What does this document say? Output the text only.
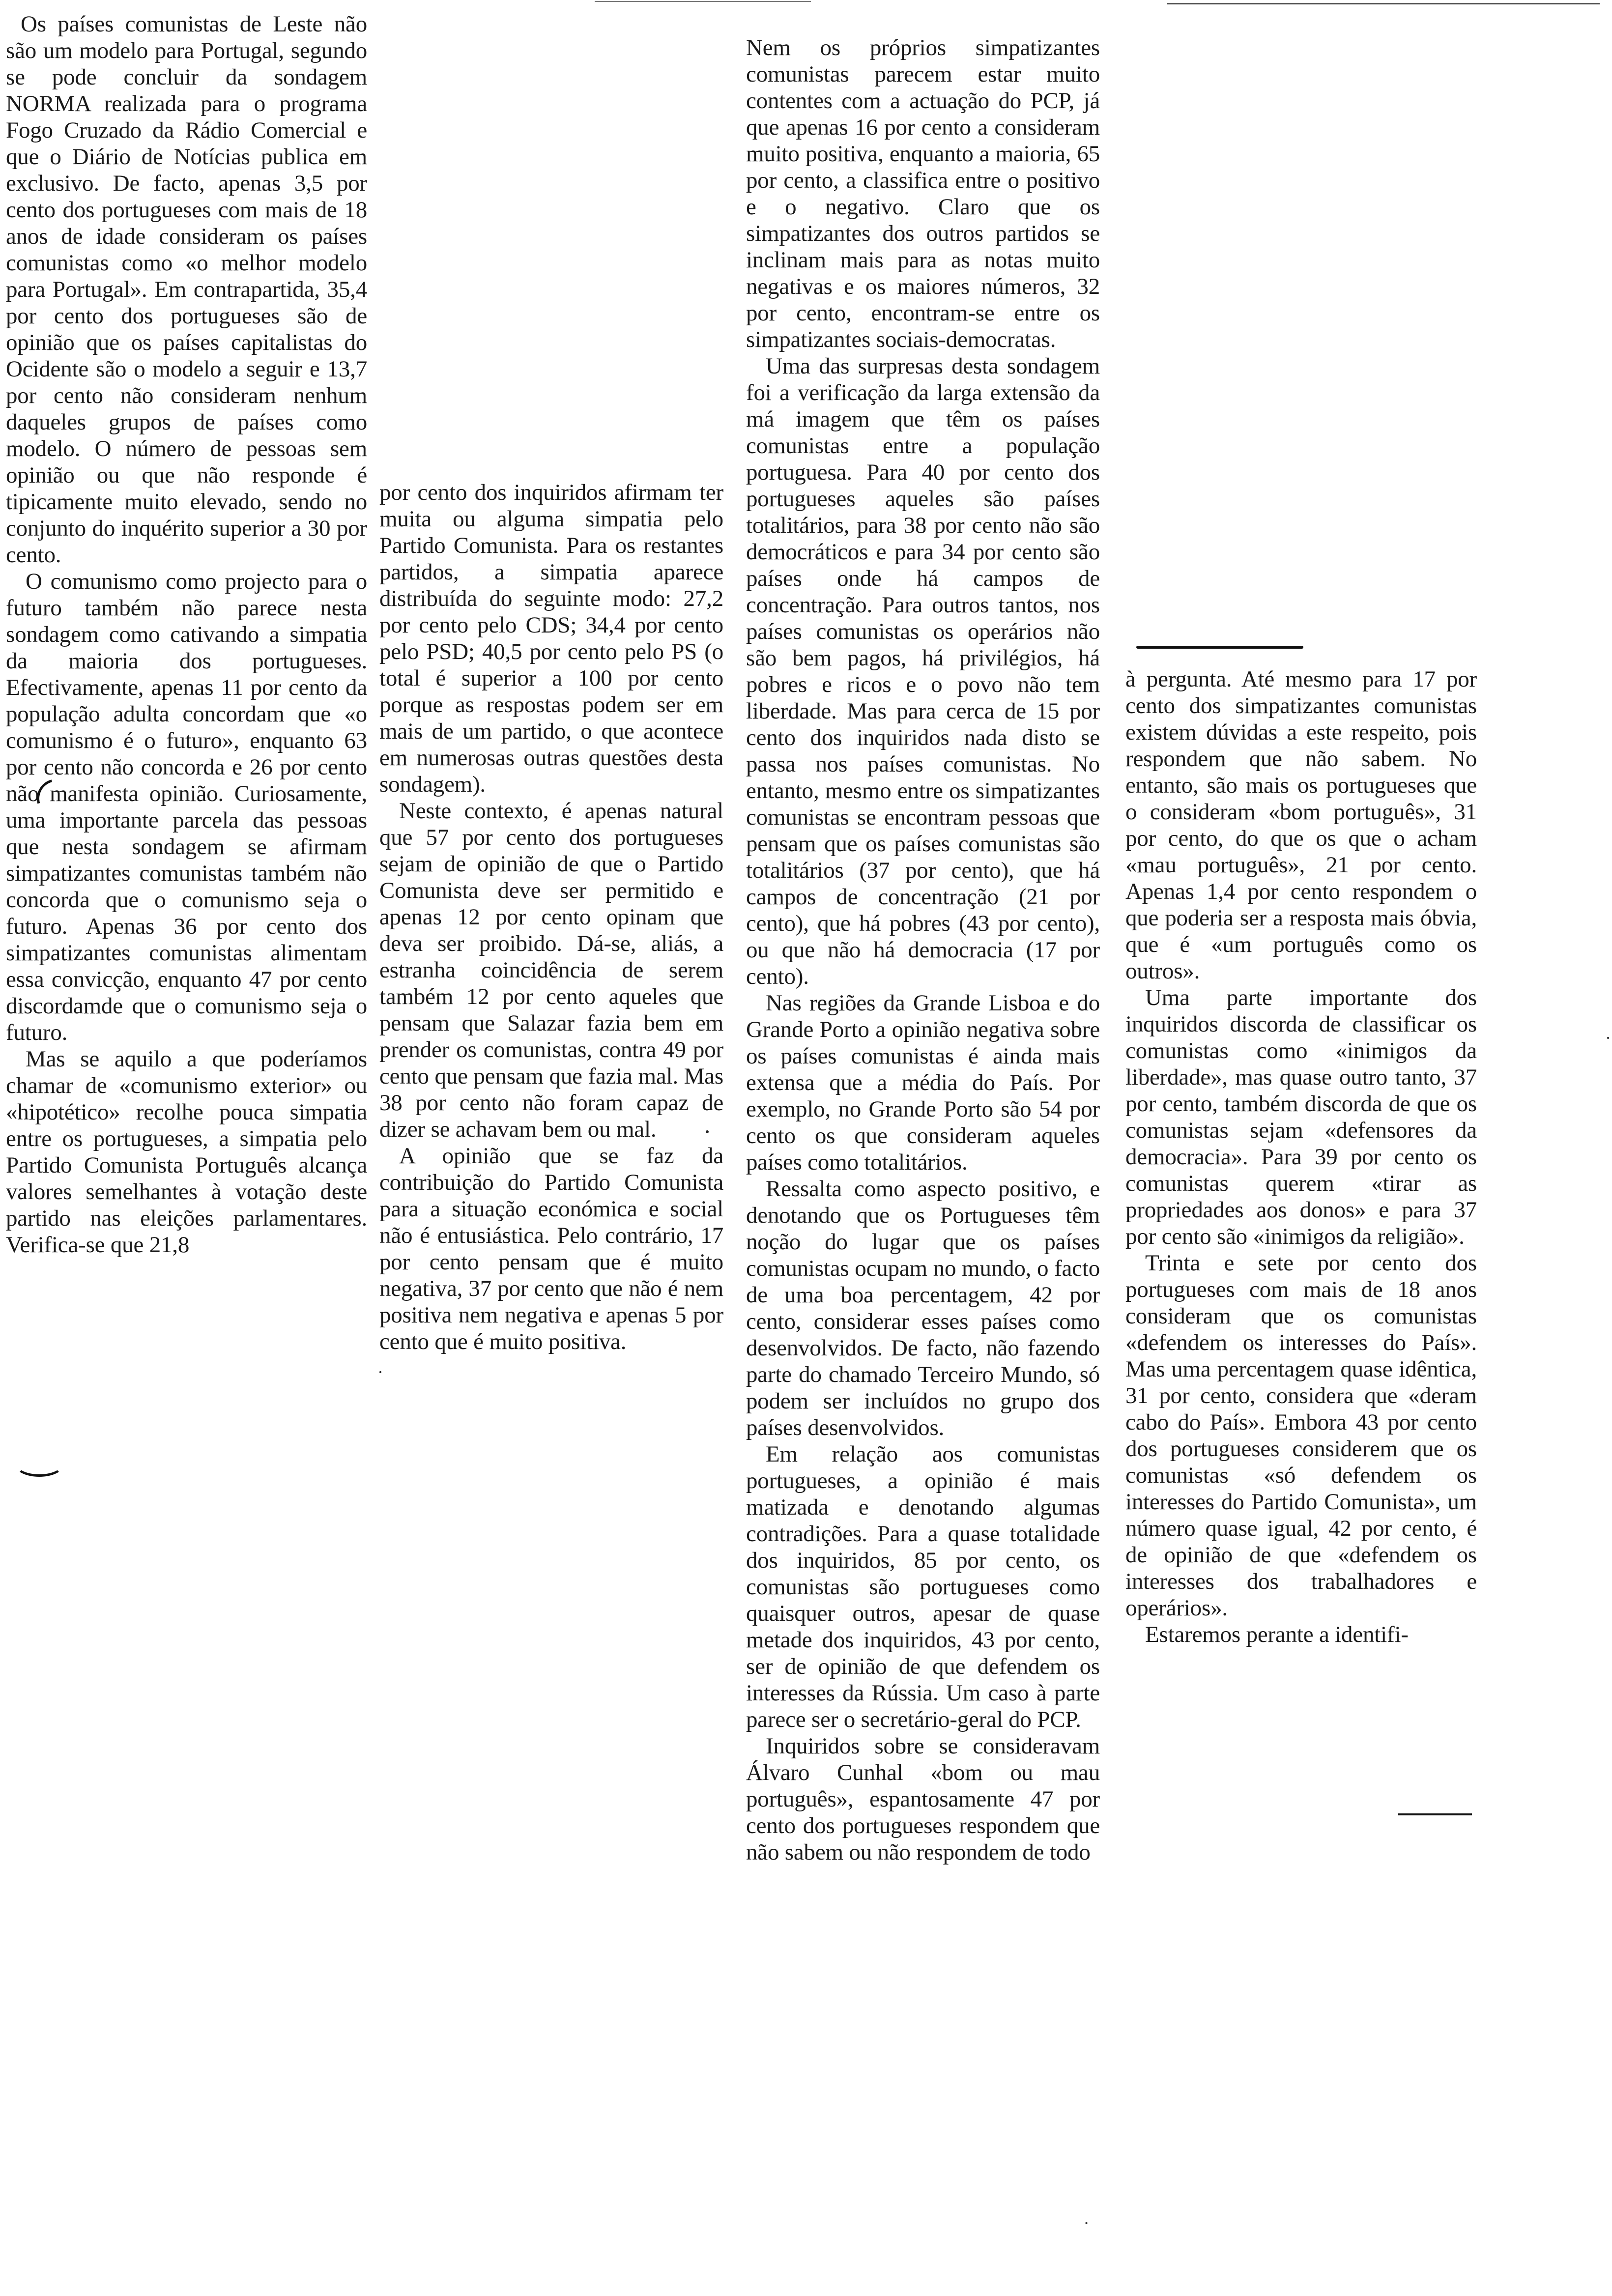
Os países comunistas de Leste não são um modelo para Portugal, segundo se pode concluir da sondagem NORMA realizada para o programa Fogo Cruzado da Rádio Comercial e que o Diário de Notícias publica em exclusivo. De facto, apenas 3,5 por cento dos portugueses com mais de 18 anos de idade consideram os países comunistas como «o melhor modelo para Portugal». Em contrapartida, 35,4 por cento dos portugueses são de opinião que os países capitalistas do Ocidente são o modelo a seguir e 13,7 por cento não consideram nenhum daqueles grupos de países como modelo. O número de pessoas sem opinião ou que não responde é tipicamente muito elevado, sendo no conjunto do inquérito superior a 30 por cento.

O comunismo como projecto para o futuro também não parece nesta sondagem como cativando a simpatia da maioria dos portugueses. Efectivamente, apenas 11 por cento da população adulta concordam que «o comunismo é o futuro», enquanto 63 por cento não concorda e 26 por cento não manifesta opinião. Curiosamente, uma importante parcela das pessoas que nesta sondagem se afirmam simpatizantes comunistas também não concorda que o comunismo seja o futuro. Apenas 36 por cento dos simpatizantes comunistas alimentam essa convicção, enquanto 47 por cento discordamde que o comunismo seja o futuro.

Mas se aquilo a que poderíamos chamar de «comunismo exterior» ou «hipotético» recolhe pouca simpatia entre os portugueses, a simpatia pelo Partido Comunista Português alcança valores semelhantes à votação deste partido nas eleições parlamentares. Verifica-se que 21,8

por cento dos inquiridos afirmam ter muita ou alguma simpatia pelo Partido Comunista. Para os restantes partidos, a simpatia aparece distribuída do seguinte modo: 27,2 por cento pelo CDS; 34,4 por cento pelo PSD; 40,5 por cento pelo PS (o total é superior a 100 por cento porque as respostas podem ser em mais de um partido, o que acontece em numerosas outras questões desta sondagem).

Neste contexto, é apenas natural que 57 por cento dos portugueses sejam de opinião de que o Partido Comunista deve ser permitido e apenas 12 por cento opinam que deva ser proibido. Dá-se, aliás, a estranha coincidência de serem também 12 por cento aqueles que pensam que Salazar fazia bem em prender os comunistas, contra 49 por cento que pensam que fazia mal. Mas 38 por cento não foram capaz de dizer se achavam bem ou mal.

A opinião que se faz da contribuição do Partido Comunista para a situação económica e social não é entusiástica. Pelo contrário, 17 por cento pensam que é muito negativa, 37 por cento que não é nem positiva nem negativa e apenas 5 por cento que é muito positiva.

Nem os próprios simpatizantes comunistas parecem estar muito contentes com a actuação do PCP, já que apenas 16 por cento a consideram muito positiva, enquanto a maioria, 65 por cento, a classifica entre o positivo e o negativo. Claro que os simpatizantes dos outros partidos se inclinam mais para as notas muito negativas e os maiores números, 32 por cento, encontram-se entre os simpatizantes sociais-democratas.

Uma das surpresas desta sondagem foi a verificação da larga extensão da má imagem que têm os países comunistas entre a população portuguesa. Para 40 por cento dos portugueses aqueles são países totalitários, para 38 por cento não são democráticos e para 34 por cento são países onde há campos de concentração. Para outros tantos, nos países comunistas os operários não são bem pagos, há privilégios, há pobres e ricos e o povo não tem liberdade. Mas para cerca de 15 por cento dos inquiridos nada disto se passa nos países comunistas. No entanto, mesmo entre os simpatizantes comunistas se encontram pessoas que pensam que os países comunistas são totalitários (37 por cento), que há campos de concentração (21 por cento), que há pobres (43 por cento), ou que não há democracia (17 por cento).

Nas regiões da Grande Lisboa e do Grande Porto a opinião negativa sobre os países comunistas é ainda mais extensa que a média do País. Por exemplo, no Grande Porto são 54 por cento os que consideram aqueles países como totalitários.

Ressalta como aspecto positivo, e denotando que os Portugueses têm noção do lugar que os países comunistas ocupam no mundo, o facto de uma boa percentagem, 42 por cento, considerar esses países como desenvolvidos. De facto, não fazendo parte do chamado Terceiro Mundo, só podem ser incluídos no grupo dos países desenvolvidos.

Em relação aos comunistas portugueses, a opinião é mais matizada e denotando algumas contradições. Para a quase totalidade dos inquiridos, 85 por cento, os comunistas são portugueses como quaisquer outros, apesar de quase metade dos inquiridos, 43 por cento, ser de opinião de que defendem os interesses da Rússia. Um caso à parte parece ser o secretário-geral do PCP.

Inquiridos sobre se consideravam Álvaro Cunhal «bom ou mau português», espantosamente 47 por cento dos portugueses respondem que não sabem ou não respondem de todo

à pergunta. Até mesmo para 17 por cento dos simpatizantes comunistas existem dúvidas a este respeito, pois respondem que não sabem. No entanto, são mais os portugueses que o consideram «bom português», 31 por cento, do que os que o acham «mau português», 21 por cento. Apenas 1,4 por cento respondem o que poderia ser a resposta mais óbvia, que é «um português como os outros».

Uma parte importante dos inquiridos discorda de classificar os comunistas como «inimigos da liberdade», mas quase outro tanto, 37 por cento, também discorda de que os comunistas sejam «defensores da democracia». Para 39 por cento os comunistas querem «tirar as propriedades aos donos» e para 37 por cento são «inimigos da religião».

Trinta e sete por cento dos portugueses com mais de 18 anos consideram que os comunistas «defendem os interesses do País». Mas uma percentagem quase idêntica, 31 por cento, considera que «deram cabo do País». Embora 43 por cento dos portugueses considerem que os comunistas «só defendem os interesses do Partido Comunista», um número quase igual, 42 por cento, é de opinião de que «defendem os interesses dos trabalhadores e operários».

Estaremos perante a identifi-
